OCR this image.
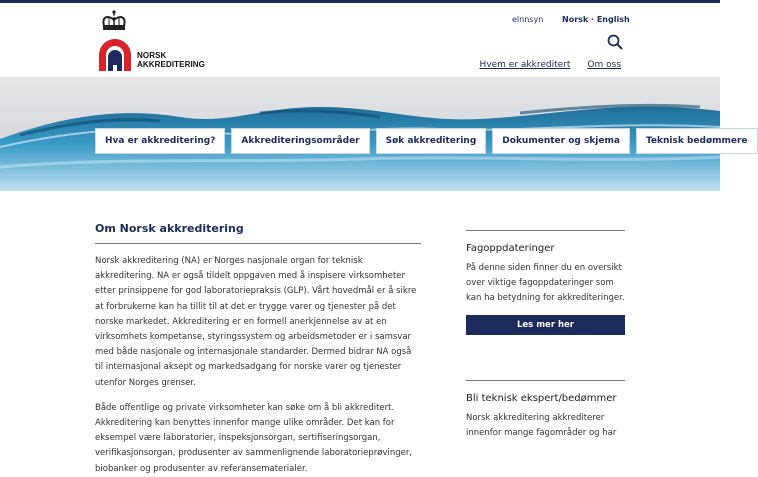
NORSK
AKKREDITERING
elnnsyn Norsk · English
Hvem er akkreditert Om oss
Hva er akkreditering?	Akkrediteringsområder	Søk akkreditering	Dokumenter og skjema	Teknisk bedømmere
Om Norsk akkreditering

Norsk akkreditering (NA) er Norges nasjonale organ for teknisk akkreditering. NA er også tildelt oppgaven med å inspisere virksomheter etter prinsippene for god laboratoriepraksis (GLP). Vårt hovedmål er å sikre at forbrukerne kan ha tillit til at det er trygge varer og tjenester på det norske markedet. Akkreditering er en formell anerkjennelse av at en virksomhets kompetanse, styringssystem og arbeidsmetoder er i samsvar med både nasjonale og internasjonale standarder. Dermed bidrar NA også til internasjonal aksept og markedsadgang for norske varer og tjenester utenfor Norges grenser.

Både offentlige og private virksomheter kan søke om å bli akkreditert. Akkreditering kan benyttes innenfor mange ulike områder. Det kan for eksempel være laboratorier, inspeksjonsorgan, sertifiseringsorgan, verifikasjonsorgan, produsenter av sammenlignende laboratorieprøvinger, biobanker og produsenter av referansematerialer.

Fagoppdateringer
På denne siden finner du en oversikt over viktige fagoppdateringer som kan ha betydning for akkrediteringer.
Les mer her
Bli teknisk ekspert/bedømmer
Norsk akkreditering akkrediterer innenfor mange fagområder og har
